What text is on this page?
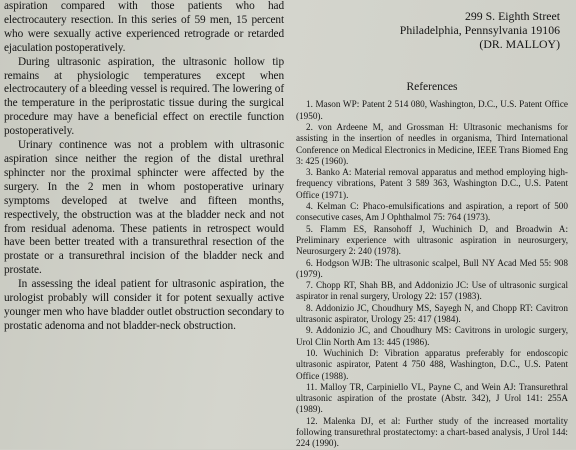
aspiration compared with those patients who had electrocautery resection. In this series of 59 men, 15 percent who were sexually active experienced retrograde or retarded ejaculation postoperatively.

During ultrasonic aspiration, the ultrasonic hollow tip remains at physiologic temperatures except when electrocautery of a bleeding vessel is required. The lowering of the temperature in the periprostatic tissue during the surgical procedure may have a beneficial effect on erectile function postoperatively.

Urinary continence was not a problem with ultrasonic aspiration since neither the region of the distal urethral sphincter nor the proximal sphincter were affected by the surgery. In the 2 men in whom postoperative urinary symptoms developed at twelve and fifteen months, respectively, the obstruction was at the bladder neck and not from residual adenoma. These patients in retrospect would have been better treated with a transurethral resection of the prostate or a transurethral incision of the bladder neck and prostate.

In assessing the ideal patient for ultrasonic aspiration, the urologist probably will consider it for potent sexually active younger men who have bladder outlet obstruction secondary to prostatic adenoma and not bladder-neck obstruction.

299 S. Eighth Street
Philadelphia, Pennsylvania 19106
(DR. MALLOY)
References
1. Mason WP: Patent 2 514 080, Washington, D.C., U.S. Patent Office (1950).
2. von Ardeene M, and Grossman H: Ultrasonic mechanisms for assisting in the insertion of needles in organisma, Third International Conference on Medical Electronics in Medicine, IEEE Trans Biomed Eng 3: 425 (1960).
3. Banko A: Material removal apparatus and method employing high-frequency vibrations, Patent 3 589 363, Washington D.C., U.S. Patent Office (1971).
4. Kelman C: Phaco-emulsifications and aspiration, a report of 500 consecutive cases, Am J Ophthalmol 75: 764 (1973).
5. Flamm ES, Ransohoff J, Wuchinich D, and Broadwin A: Preliminary experience with ultrasonic aspiration in neurosurgery, Neurosurgery 2: 240 (1978).
6. Hodgson WJB: The ultrasonic scalpel, Bull NY Acad Med 55: 908 (1979).
7. Chopp RT, Shah BB, and Addonizio JC: Use of ultrasonic surgical aspirator in renal surgery, Urology 22: 157 (1983).
8. Addonizio JC, Choudhury MS, Sayegh N, and Chopp RT: Cavitron ultrasonic aspirator, Urology 25: 417 (1984).
9. Addonizio JC, and Choudhury MS: Cavitrons in urologic surgery, Urol Clin North Am 13: 445 (1986).
10. Wuchinich D: Vibration apparatus preferably for endoscopic ultrasonic aspirator, Patent 4 750 488, Washington, D.C., U.S. Patent Office (1988).
11. Malloy TR, Carpiniello VL, Payne C, and Wein AJ: Transurethral ultrasonic aspiration of the prostate (Abstr. 342), J Urol 141: 255A (1989).
12. Malenka DJ, et al: Further study of the increased mortality following transurethral prostatectomy: a chart-based analysis, J Urol 144: 224 (1990).
